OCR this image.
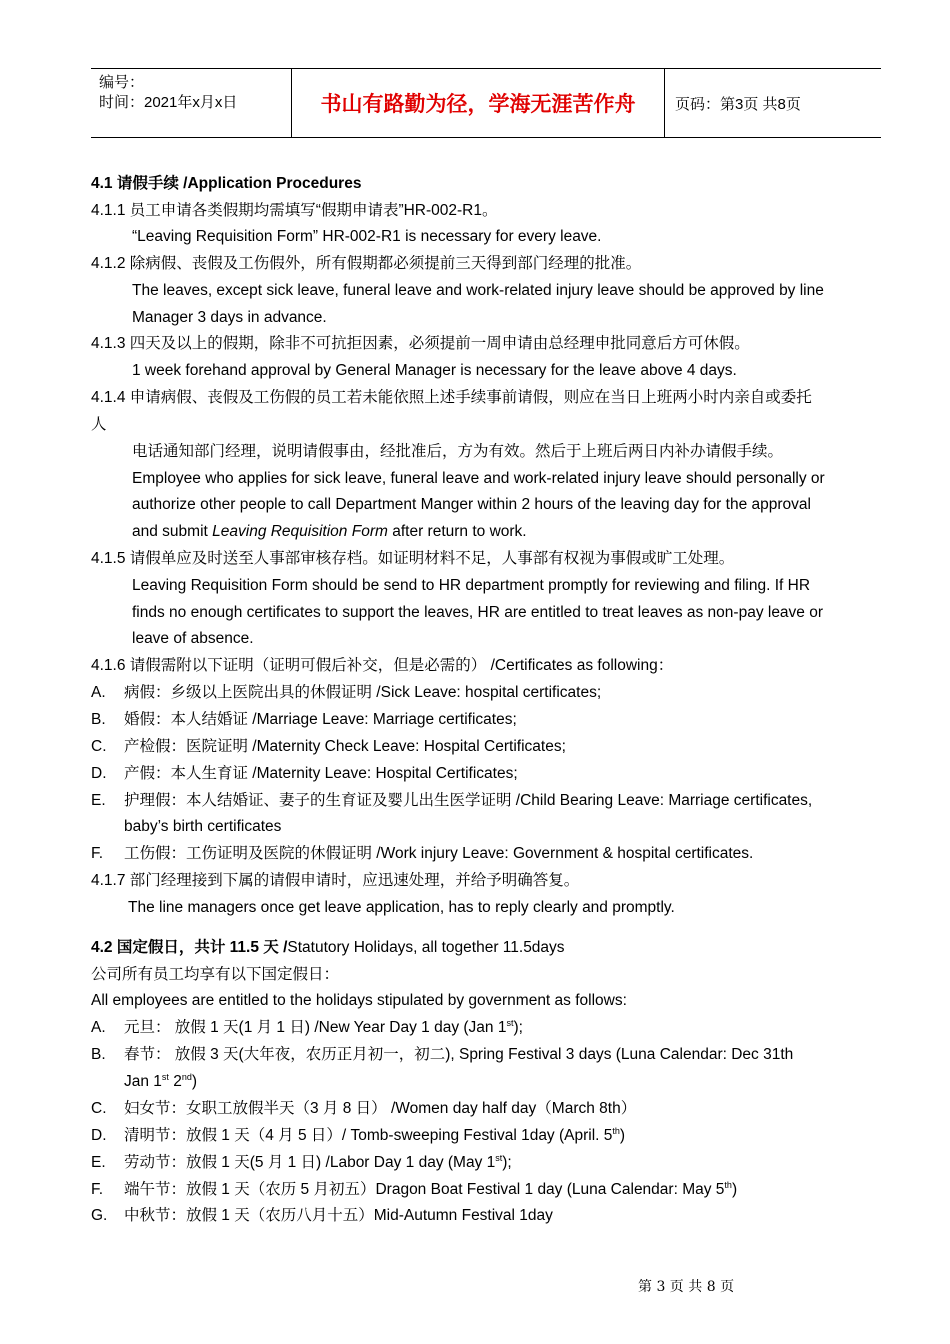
编号：
时间：2021年x月x日	书山有路勤为径，学海无涯苦作舟	页码：第3页 共8页
4.1 请假手续 /Application Procedures
4.1.1 员工申请各类假期均需填写“假期申请表”HR-002-R1。
“Leaving Requisition Form” HR-002-R1 is necessary for every leave.
4.1.2 除病假、丧假及工伤假外，所有假期都必须提前三天得到部门经理的批准。
The leaves, except sick leave, funeral leave and work-related injury leave should be approved by line
Manager 3 days in advance.
4.1.3 四天及以上的假期，除非不可抗拒因素，必须提前一周申请由总经理申批同意后方可休假。
1 week forehand approval by General Manager is necessary for the leave above 4 days.
4.1.4 申请病假、丧假及工伤假的员工若未能依照上述手续事前请假，则应在当日上班两小时内亲自或委托
人
电话通知部门经理，说明请假事由，经批准后，方为有效。然后于上班后两日内补办请假手续。
Employee who applies for sick leave, funeral leave and work-related injury leave should personally or
authorize other people to call Department Manger within 2 hours of the leaving day for the approval
and submit Leaving Requisition Form after return to work.
4.1.5 请假单应及时送至人事部审核存档。如证明材料不足，人事部有权视为事假或旷工处理。
Leaving Requisition Form should be send to HR department promptly for reviewing and filing. If HR
finds no enough certificates to support the leaves, HR are entitled to treat leaves as non-pay leave or
leave of absence.
4.1.6 请假需附以下证明（证明可假后补交，但是必需的） /Certificates as following：
A. 病假：乡级以上医院出具的休假证明 /Sick Leave: hospital certificates;
B. 婚假：本人结婚证 /Marriage Leave: Marriage certificates;
C. 产检假：医院证明 /Maternity Check Leave: Hospital Certificates;
D. 产假：本人生育证 /Maternity Leave: Hospital Certificates;
E. 护理假：本人结婚证、妻子的生育证及婴儿出生医学证明 /Child Bearing Leave: Marriage certificates,
baby’s birth certificates
F. 工伤假：工伤证明及医院的休假证明 /Work injury Leave: Government & hospital certificates.
4.1.7 部门经理接到下属的请假申请时，应迅速处理，并给予明确答复。
The line managers once get leave application, has to reply clearly and promptly.
4.2 国定假日，共计 11.5 天 /Statutory Holidays, all together 11.5days
公司所有员工均享有以下国定假日：
All employees are entitled to the holidays stipulated by government as follows:
A. 元旦： 放假 1 天(1 月 1 日) /New Year Day 1 day (Jan 1st);
B. 春节： 放假 3 天(大年夜，农历正月初一，初二), Spring Festival 3 days (Luna Calendar: Dec 31th
Jan 1st 2nd)
C. 妇女节：女职工放假半天（3 月 8 日） /Women day half day（March 8th）
D. 清明节：放假 1 天（4 月 5 日）/ Tomb-sweeping Festival 1day (April. 5th)
E. 劳动节：放假 1 天(5 月 1 日) /Labor Day 1 day (May 1st);
F. 端午节：放假 1 天（农历 5 月初五）Dragon Boat Festival 1 day (Luna Calendar: May 5th)
G. 中秋节：放假 1 天（农历八月十五）Mid-Autumn Festival 1day
第 3 页 共 8 页
